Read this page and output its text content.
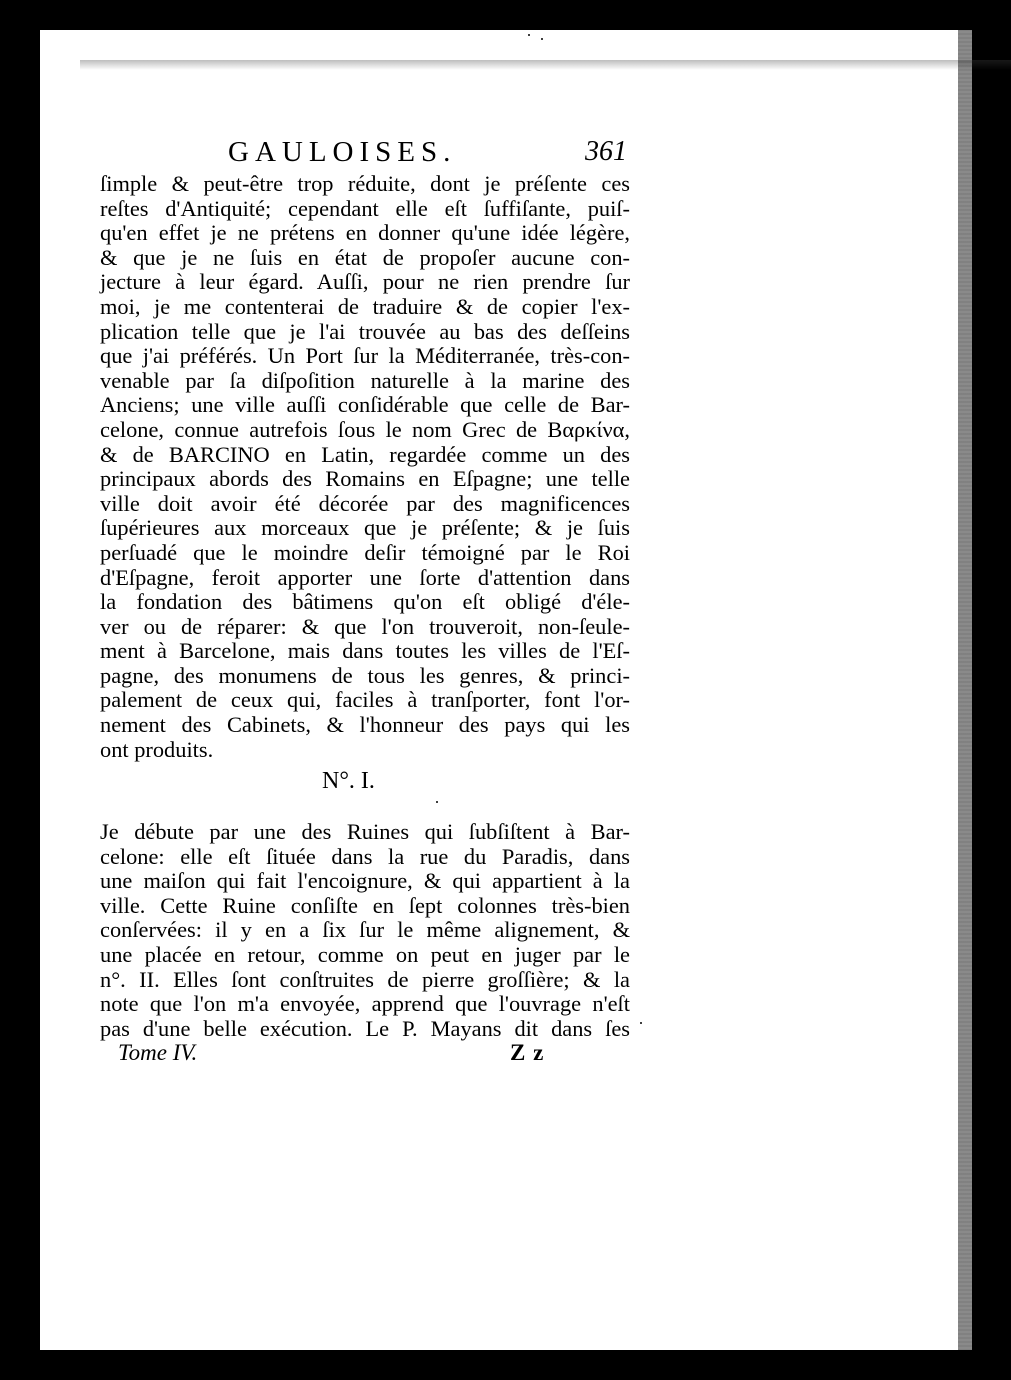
GAULOISES.	361
ſimple & peut-être trop réduite, dont je préſente ces
reſtes d'Antiquité; cependant elle eſt ſuffiſante, puiſ-
qu'en effet je ne prétens en donner qu'une idée légère,
& que je ne ſuis en état de propoſer aucune con-
jecture à leur égard. Auſſi, pour ne rien prendre ſur
moi, je me contenterai de traduire & de copier l'ex-
plication telle que je l'ai trouvée au bas des deſſeins
que j'ai préférés. Un Port ſur la Méditerranée, très-con-
venable par ſa diſpoſition naturelle à la marine des
Anciens; une ville auſſi conſidérable que celle de Bar-
celone, connue autrefois ſous le nom Grec de Βαρκίνα,
& de BARCINO en Latin, regardée comme un des
principaux abords des Romains en Eſpagne; une telle
ville doit avoir été décorée par des magnificences
ſupérieures aux morceaux que je préſente; & je ſuis
perſuadé que le moindre deſir témoigné par le Roi
d'Eſpagne, feroit apporter une ſorte d'attention dans
la fondation des bâtimens qu'on eſt obligé d'éle-
ver ou de réparer: & que l'on trouveroit, non-ſeule-
ment à Barcelone, mais dans toutes les villes de l'Eſ-
pagne, des monumens de tous les genres, & princi-
palement de ceux qui, faciles à tranſporter, font l'or-
nement des Cabinets, & l'honneur des pays qui les
ont produits.
N°. I.
Je débute par une des Ruines qui ſubſiſtent à Bar-
celone: elle eſt ſituée dans la rue du Paradis, dans
une maiſon qui fait l'encoignure, & qui appartient à la
ville. Cette Ruine conſiſte en ſept colonnes très-bien
conſervées: il y en a ſix ſur le même alignement, &
une placée en retour, comme on peut en juger par le
n°. II. Elles ſont conſtruites de pierre groſſière; & la
note que l'on m'a envoyée, apprend que l'ouvrage n'eſt
pas d'une belle exécution. Le P. Mayans dit dans ſes
Tome IV.	Z z
